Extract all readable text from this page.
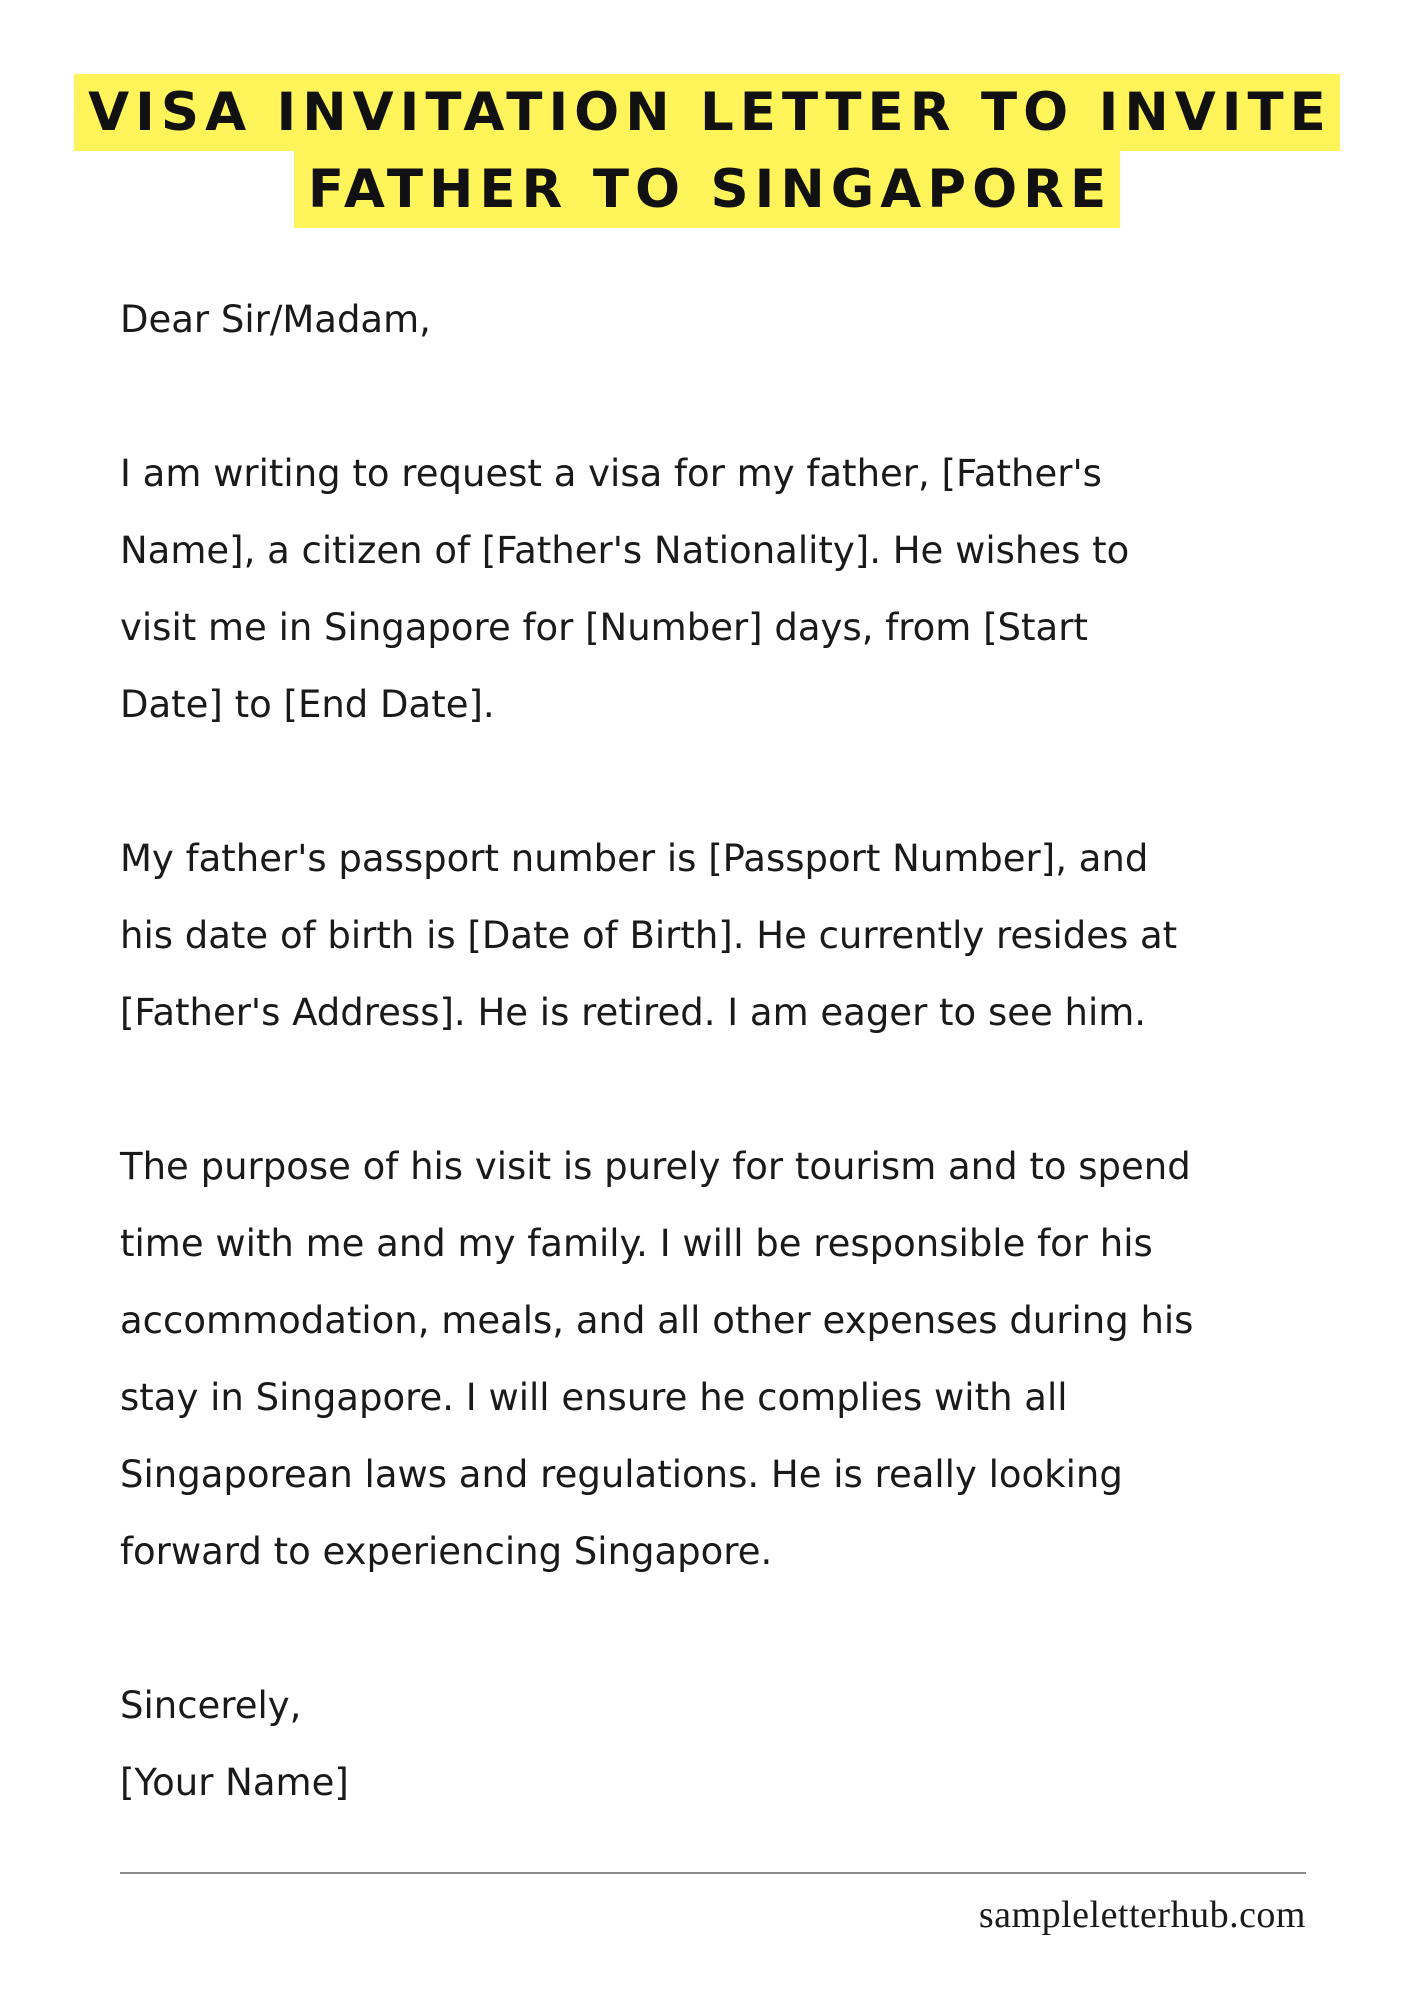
VISA INVITATION LETTER TO INVITE
FATHER TO SINGAPORE

Dear Sir/Madam,

I am writing to request a visa for my father, [Father's

Name], a citizen of [Father's Nationality]. He wishes to

visit me in Singapore for [Number] days, from [Start

Date] to [End Date].

My father's passport number is [Passport Number], and

his date of birth is [Date of Birth]. He currently resides at

[Father's Address]. He is retired. I am eager to see him.

The purpose of his visit is purely for tourism and to spend

time with me and my family. I will be responsible for his

accommodation, meals, and all other expenses during his

stay in Singapore. I will ensure he complies with all

Singaporean laws and regulations. He is really looking

forward to experiencing Singapore.

Sincerely,

[Your Name]

sampleletterhub.com
